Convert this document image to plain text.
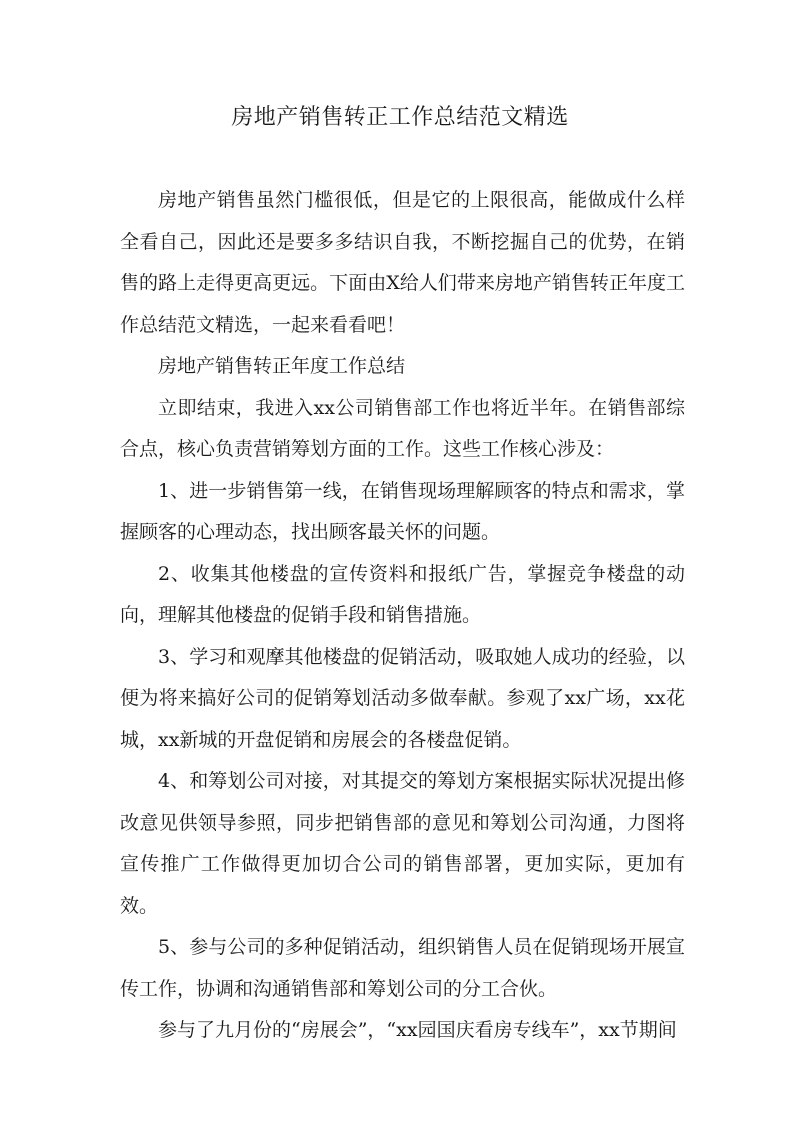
房地产销售转正工作总结范文精选

房地产销售虽然门槛很低，但是它的上限很高，能做成什么样全看自己，因此还是要多多结识自我，不断挖掘自己的优势，在销售的路上走得更高更远。下面由X给人们带来房地产销售转正年度工作总结范文精选，一起来看看吧！

房地产销售转正年度工作总结

立即结束，我进入xx公司销售部工作也将近半年。在销售部综合点，核心负责营销筹划方面的工作。这些工作核心涉及：

1、进一步销售第一线，在销售现场理解顾客的特点和需求，掌握顾客的心理动态，找出顾客最关怀的问题。

2、收集其他楼盘的宣传资料和报纸广告，掌握竞争楼盘的动向，理解其他楼盘的促销手段和销售措施。

3、学习和观摩其他楼盘的促销活动，吸取她人成功的经验，以便为将来搞好公司的促销筹划活动多做奉献。参观了xx广场，xx花城，xx新城的开盘促销和房展会的各楼盘促销。

4、和筹划公司对接，对其提交的筹划方案根据实际状况提出修改意见供领导参照，同步把销售部的意见和筹划公司沟通，力图将宣传推广工作做得更加切合公司的销售部署，更加实际，更加有效。

5、参与公司的多种促销活动，组织销售人员在促销现场开展宣传工作，协调和沟通销售部和筹划公司的分工合伙。

参与了九月份的“房展会”，“xx园国庆看房专线车”，xx节期间
